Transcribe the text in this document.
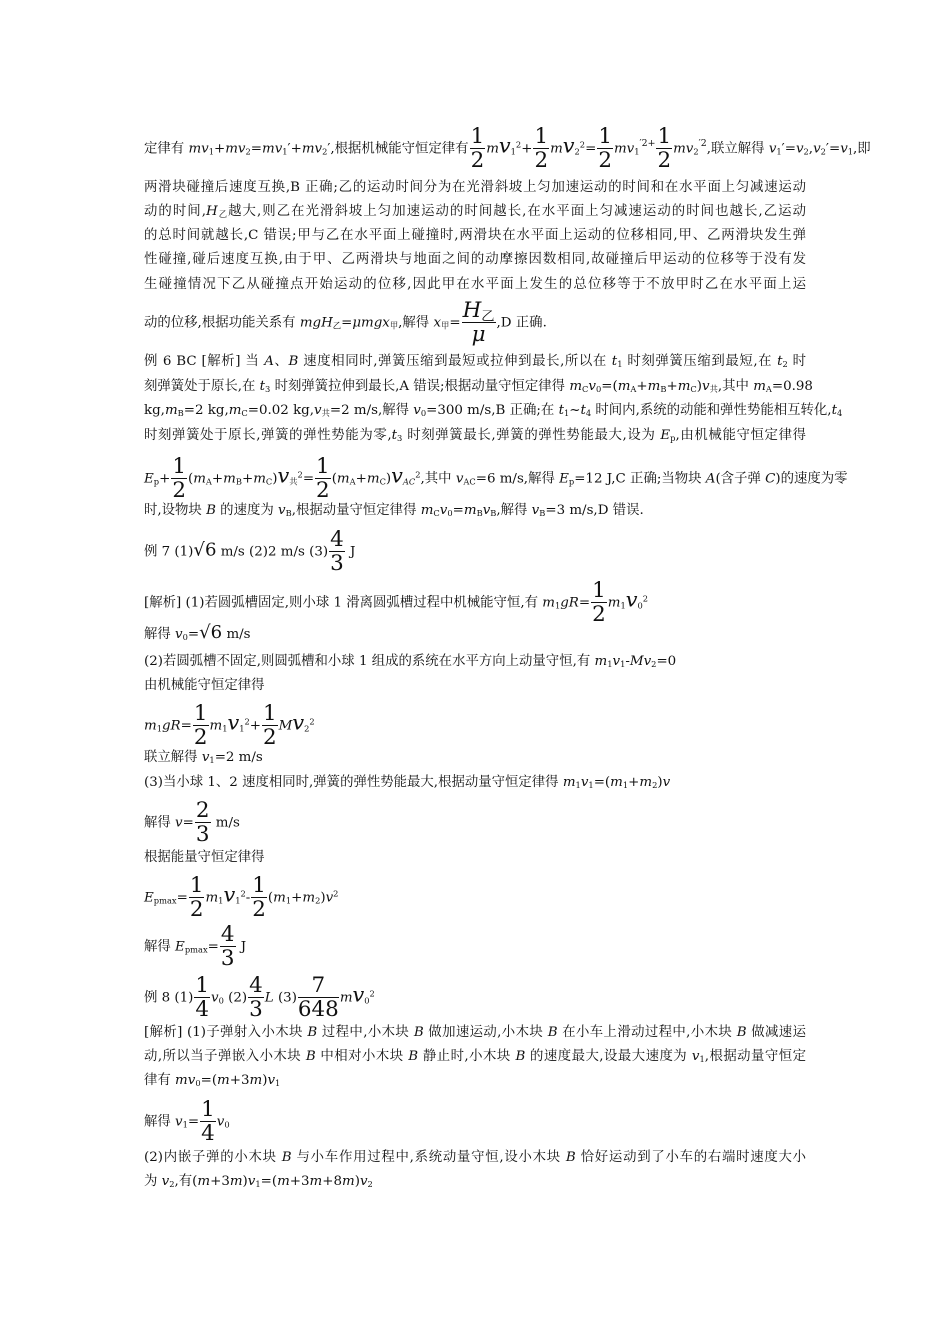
定律有 $mv_1+mv_2=mv_1'+mv_2'$,根据机械能守恒定律有 $\frac{1}{2} mv_1^2+ \frac{1}{2} mv_2^2= \frac{1}{2} mv_1^{'2+} \frac{1}{2} mv_2^{'2}$,联立解得 $v_1'=v_2,v_2'=v_1$,即
两滑块碰撞后速度互换,B 正确;乙的运动时间分为在光滑斜坡上匀加速运动的时间和在水平面上匀减速运动
动的时间$,H_乙$越大,则乙在光滑斜坡上匀加速运动的时间越长,在水平面上匀减速运动的时间也越长,乙运动
的总时间就越长,C 错误;甲与乙在水平面上碰撞时,两滑块在水平面上运动的位移相同,甲、乙两滑块发生弹
性碰撞,碰后速度互换,由于甲、乙两滑块与地面之间的动摩擦因数相同,故碰撞后甲运动的位移等于没有发
生碰撞情况下乙从碰撞点开始运动的位移,因此甲在水平面上发生的总位移等于不放甲时乙在水平面上运
动的位移,根据功能关系有 mgH$_乙$=μmgx$_甲$,解得 $x_甲= H_乙$
μ ,D 正确.
例 6 BC [解析] 当 A、B 速度相同时,弹簧压缩到最短或拉伸到最长,所以在 $t_1$ 时刻弹簧压缩到最短,在 $t_2$ 时
刻弹簧处于原长,在 $t_3$ 时刻弹簧拉伸到最长,A 错误;根据动量守恒定律得 $m_Cv_0=(m_A+m_B+m_C)v_共$,其中 $m_A=0.98$
$kg,m_B=2$ $kg,m_C=0.02$ $kg,v_共=2$ m/s,解得 $v_0=300$ m/s,B 正确;在 $t_1\sim t_4$ 时间内,系统的动能和弹性势能相互转化$,t_4$
时刻弹簧处于原长,弹簧的弹性势能为零$,t_3$ 时刻弹簧最长,弹簧的弹性势能最大,设为 $E_p$,由机械能守恒定律得
$E_p+ \frac{1}{2} (m_A+m_B+m_C)v_共^2= \frac{1}{2} (m_A+m_C)v_{AC}^2$,其中 $v_{AC}=6$ m/s,解得 $E_p=12$ J,C 正确;当物块 A(含子弹 C)的速度为零
时,设物块 B 的速度为 $v_B$,根据动量守恒定律得 $m_Cv_0=m_Bv_B$,解得 $v_B=3$ m/s,D 错误.
例 7 (1)√6 m/s (2)2 m/s $(3) \frac{4}{3}$ J
[解析] (1)若圆弧槽固定,则小球 1 滑离圆弧槽过程中机械能守恒,有 $m_1gR= \frac{1}{2} m_1v_0^2$
解得 $v_0=√6$ m/s
(2)若圆弧槽不固定,则圆弧槽和小球 1 组成的系统在水平方向上动量守恒,有 $m_1v_1-Mv_2=0$
由机械能守恒定律得
$m_1gR= \frac{1}{2} m_1v_1^2+ \frac{1}{2} Mv_2^2$
联立解得 $v_1=2$ m/s
(3)当小球 1、2 速度相同时,弹簧的弹性势能最大,根据动量守恒定律得 $m_1v_1=(m_1+m_2)v$
解得 $v= \frac{2}{3} m/s$
根据能量守恒定律得
$E_{pmax}= \frac{1}{2} m_1v_1^2- \frac{1}{2} (m_1+m_2)v^2$
解得 $E_{pmax}= \frac{4}{3}$ J
例 8 $(1) \frac{1}{4} v_0$ $(2) \frac{4}{3}$ L $(3) \frac{7}{648} mv_0^2$
[解析] (1)子弹射入小木块 B 过程中,小木块 B 做加速运动,小木块 B 在小车上滑动过程中,小木块 B 做减速运
动,所以当子弹嵌入小木块 B 中相对小木块 B 静止时,小木块 B 的速度最大,设最大速度为 $v_1$,根据动量守恒定
律有 $mv_0=(m+3m)v_1$
解得 $v_1= \frac{1}{4} v_0$
(2)内嵌子弹的小木块 B 与小车作用过程中,系统动量守恒,设小木块 B 恰好运动到了小车的右端时速度大小
为 $v_2$,有$(m+3m)v_1=(m+3m+8m)v_2$
